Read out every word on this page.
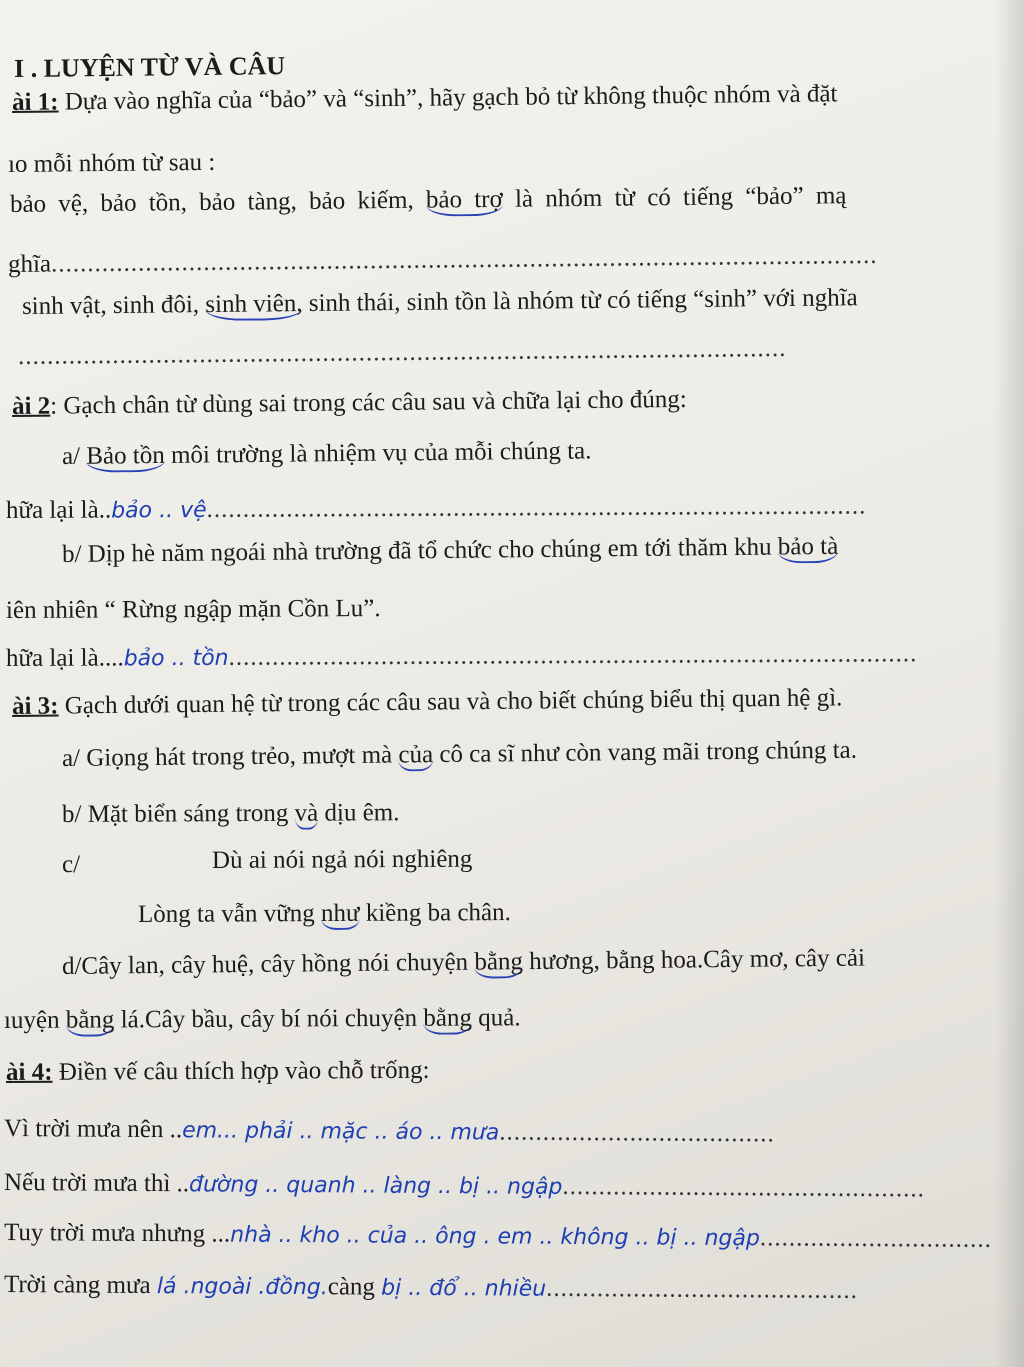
I . LUYỆN TỪ VÀ CÂU
ài 1: Dựa vào nghĩa của “bảo” và “sinh”, hãy gạch bỏ từ không thuộc nhóm và đặt
ıo mỗi nhóm từ sau :
bảo vệ, bảo tồn, bảo tàng, bảo kiếm, bảo trợ là nhóm từ có tiếng “bảo” mą
ghĩa..................................................................................................................
sinh vật, sinh đôi, sinh viên, sinh thái, sinh tồn là nhóm từ có tiếng “sinh” với nghĩa
..........................................................................................................
ài 2: Gạch chân từ dùng sai trong các câu sau và chữa lại cho đúng:
a/ Bảo tồn môi trường là nhiệm vụ của mỗi chúng ta.
hữa lại là..bảo .. vệ...........................................................................................
b/ Dịp hè năm ngoái nhà trường đã tổ chức cho chúng em tới thăm khu bảo tà
iên nhiên “ Rừng ngập mặn Cồn Lu”.
hữa lại là....bảo .. tồn...............................................................................................
ài 3: Gạch dưới quan hệ từ trong các câu sau và cho biết chúng biểu thị quan hệ gì.
a/ Giọng hát trong trẻo, mượt mà của cô ca sĩ như còn vang mãi trong chúng ta.
b/ Mặt biển sáng trong và dịu êm.
c/	Dù ai nói ngả nói nghiêng
Lòng ta vẫn vững như kiềng ba chân.
d/Cây lan, cây huệ, cây hồng nói chuyện bằng hương, bằng hoa.Cây mơ, cây cải
ıuyện bằng lá.Cây bầu, cây bí nói chuyện bằng quả.
ài 4: Điền vế câu thích hợp vào chỗ trống:
Vì trời mưa nên ..em... phải .. mặc .. áo .. mưa......................................
Nếu trời mưa thì ..đường .. quanh .. làng .. bị .. ngập..................................................
Tuy trời mưa nhưng ...nhà .. kho .. của .. ông . em .. không .. bị .. ngập................................
Trời càng mưa lá .ngoài .đồng.càng bị .. đổ .. nhiều...........................................
